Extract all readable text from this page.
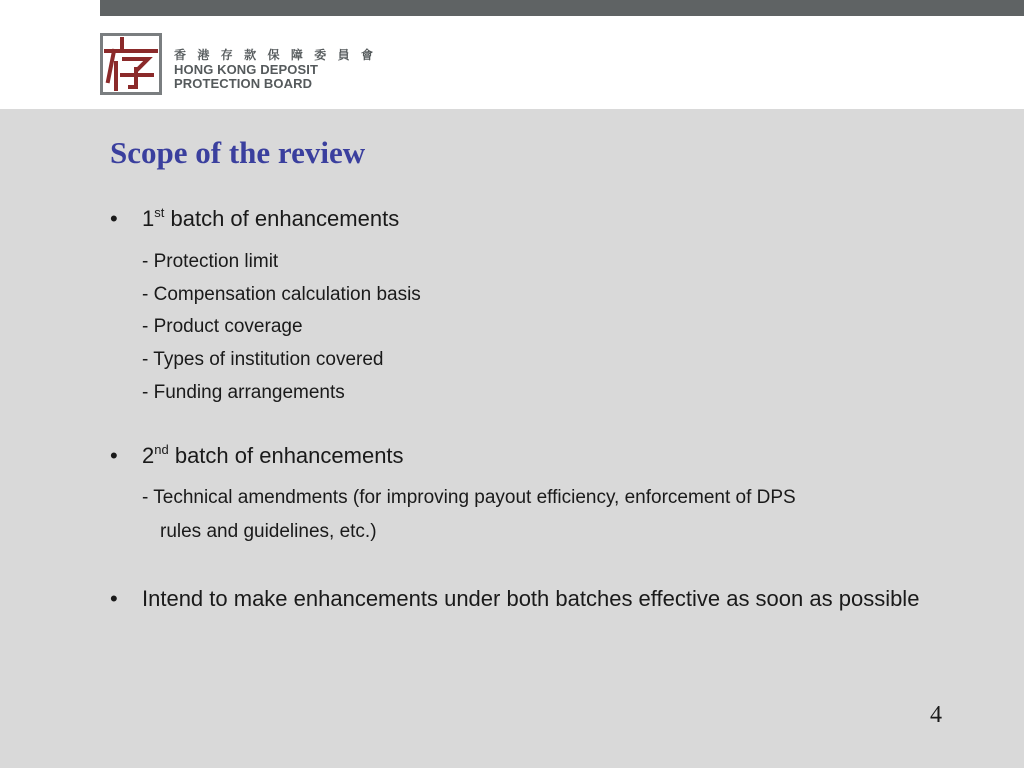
香 港 存 款 保 障 委 員 會
HONG KONG DEPOSIT
PROTECTION BOARD
Scope of the review
• 1st batch of enhancements
- Protection limit
- Compensation calculation basis
- Product coverage
- Types of institution covered
- Funding arrangements
• 2nd batch of enhancements
- Technical amendments (for improving payout efficiency, enforcement of DPS
rules and guidelines, etc.)
• Intend to make enhancements under both batches effective as soon as possible
4
